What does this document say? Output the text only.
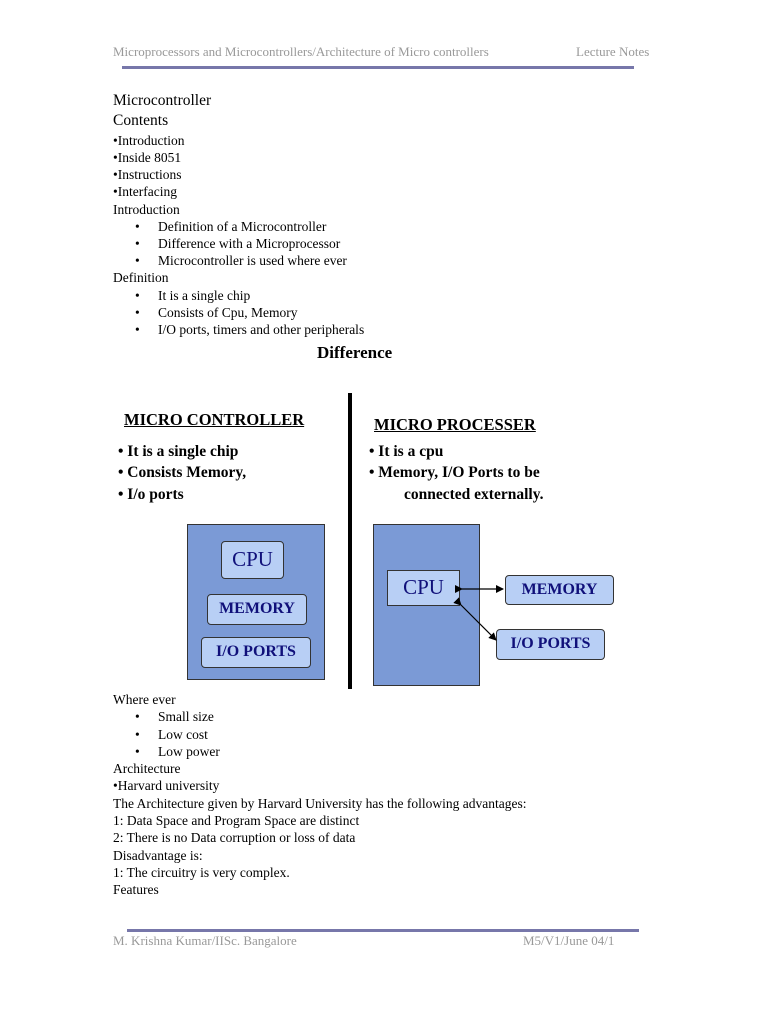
Microprocessors and Microcontrollers/Architecture of Micro controllers	Lecture Notes
Microcontroller
Contents
•Introduction
•Inside 8051
•Instructions
•Interfacing
Introduction
• Definition of a Microcontroller
• Difference with a Microprocessor
• Microcontroller is used where ever
Definition
• It is a single chip
• Consists of Cpu, Memory
• I/O ports, timers and other peripherals
Difference
MICRO CONTROLLER
• It is a single chip
• Consists Memory,
• I/o ports
MICRO PROCESSER
• It is a cpu
• Memory, I/O Ports to be
connected externally.
CPU
MEMORY
I/O PORTS
CPU	MEMORY
I/O PORTS
Where ever
• Small size
• Low cost
• Low power
Architecture
•Harvard university
The Architecture given by Harvard University has the following advantages:
1: Data Space and Program Space are distinct
2: There is no Data corruption or loss of data
Disadvantage is:
1: The circuitry is very complex.
Features
M. Krishna Kumar/IISc. Bangalore	M5/V1/June 04/1
